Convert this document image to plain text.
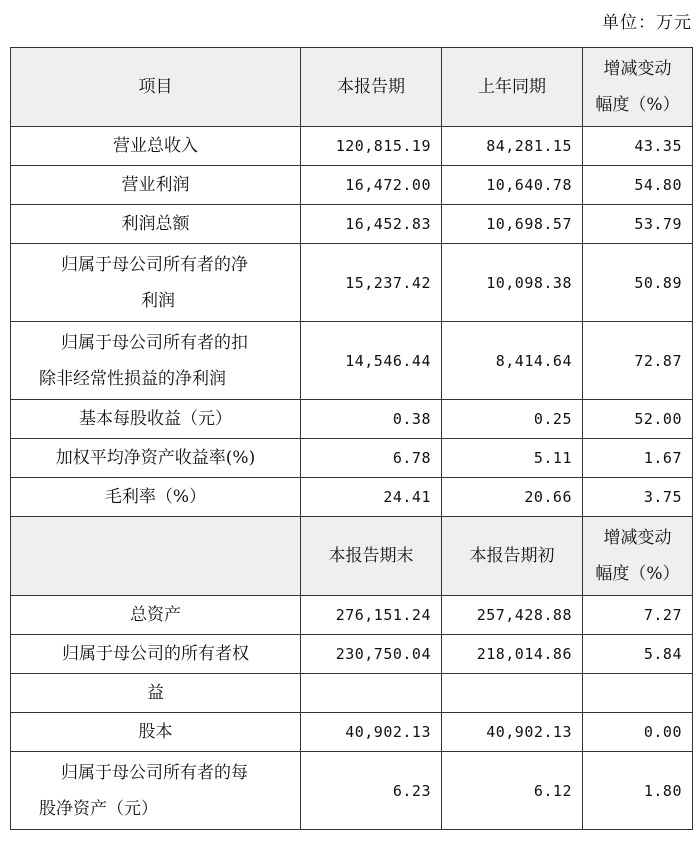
单位：万元
项目	本报告期	上年同期	增减变动
幅度（%）

营业总收入	120,815.19	84,281.15	43.35
营业利润	16,472.00	10,640.78	54.80
利润总额	16,452.83	10,698.57	53.79

归属于母公司所有者的净
利润	15,237.42	10,098.38	50.89

归属于母公司所有者的扣
除非经常性损益的净利润	14,546.44	8,414.64	72.87
基本每股收益（元）	0.38	0.25	52.00
加权平均净资产收益率(%)	6.78	5.11	1.67
毛利率（%）	24.41	20.66	3.75
	本报告期末	本报告期初	增减变动
幅度（%）

总资产	276,151.24	257,428.88	7.27
归属于母公司的所有者权	230,750.04	218,014.86	5.84
益			
股本	40,902.13	40,902.13	0.00

归属于母公司所有者的每
股净资产（元）	6.23	6.12	1.80
